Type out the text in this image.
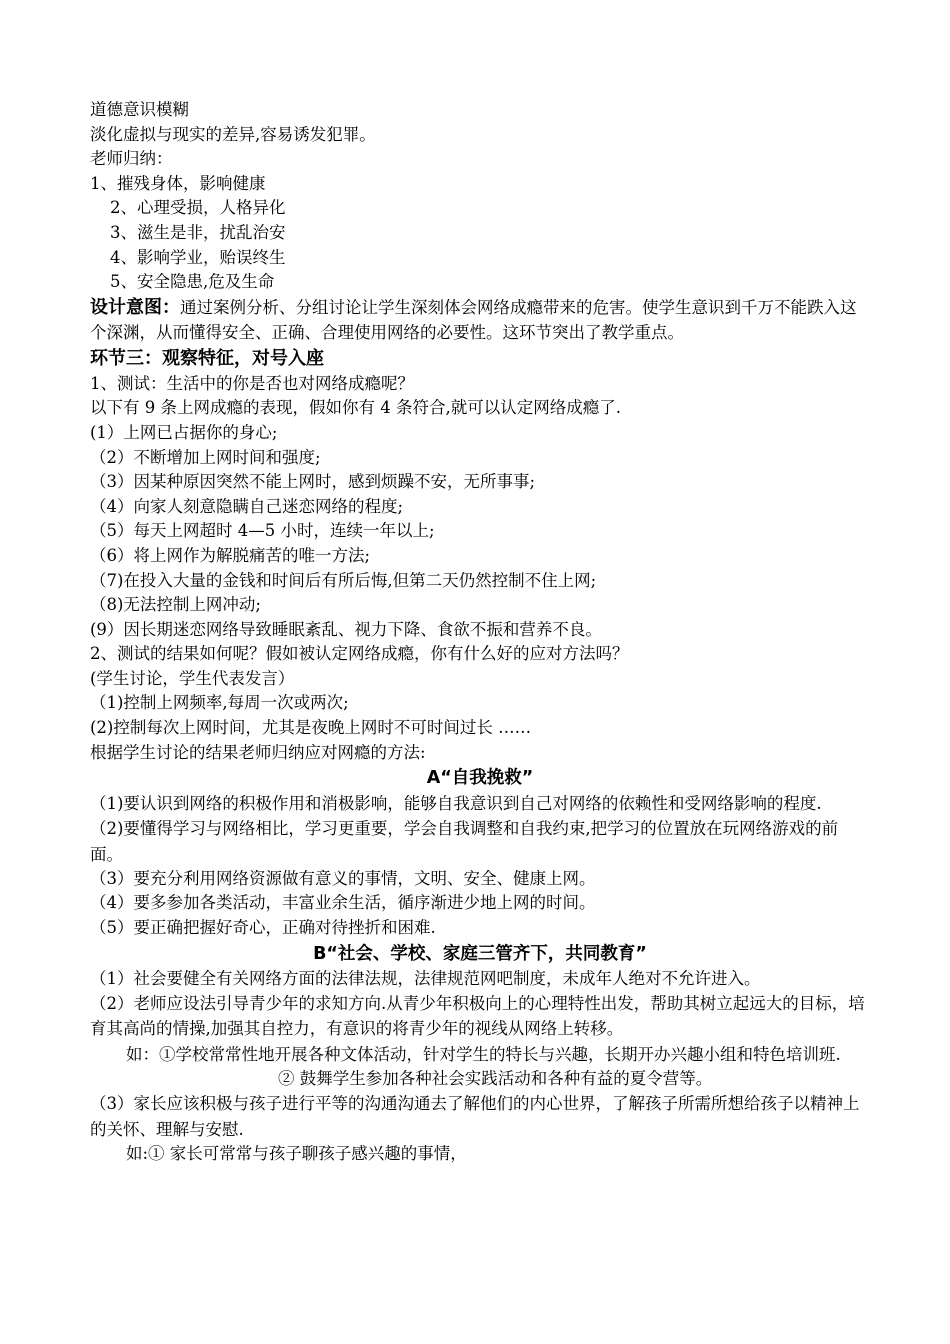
道德意识模糊
淡化虚拟与现实的差异,容易诱发犯罪。
老师归纳：
1、摧残身体，影响健康
2、心理受损，人格异化
3、滋生是非，扰乱治安
4、影响学业，贻误终生
5、安全隐患,危及生命
设计意图：通过案例分析、分组讨论让学生深刻体会网络成瘾带来的危害。使学生意识到千万不能跌入这个深渊，从而懂得安全、正确、合理使用网络的必要性。这环节突出了教学重点。
环节三：观察特征，对号入座
1、测试：生活中的你是否也对网络成瘾呢？
以下有 9 条上网成瘾的表现，假如你有 4 条符合,就可以认定网络成瘾了.
(1）上网已占据你的身心;
（2）不断增加上网时间和强度;
（3）因某种原因突然不能上网时，感到烦躁不安，无所事事;
（4）向家人刻意隐瞒自己迷恋网络的程度;
（5）每天上网超时 4—5 小时，连续一年以上;
（6）将上网作为解脱痛苦的唯一方法;
（7)在投入大量的金钱和时间后有所后悔,但第二天仍然控制不住上网;
（8)无法控制上网冲动;
(9）因长期迷恋网络导致睡眠紊乱、视力下降、食欲不振和营养不良。
2、测试的结果如何呢？假如被认定网络成瘾，你有什么好的应对方法吗？
(学生讨论，学生代表发言）
（1)控制上网频率,每周一次或两次;
(2)控制每次上网时间，尤其是夜晚上网时不可时间过长 ……
根据学生讨论的结果老师归纳应对网瘾的方法:
A“自我挽救”
（1)要认识到网络的积极作用和消极影响，能够自我意识到自己对网络的依赖性和受网络影响的程度.
（2)要懂得学习与网络相比，学习更重要，学会自我调整和自我约束,把学习的位置放在玩网络游戏的前面。
（3）要充分利用网络资源做有意义的事情，文明、安全、健康上网。
（4）要多参加各类活动，丰富业余生活，循序渐进少地上网的时间。
（5）要正确把握好奇心，正确对待挫折和困难.
B“社会、学校、家庭三管齐下，共同教育”
（1）社会要健全有关网络方面的法律法规，法律规范网吧制度，未成年人绝对不允许进入。
（2）老师应设法引导青少年的求知方向.从青少年积极向上的心理特性出发，帮助其树立起远大的目标，培育其高尚的情操,加强其自控力，有意识的将青少年的视线从网络上转移。
如：①学校常常性地开展各种文体活动，针对学生的特长与兴趣，长期开办兴趣小组和特色培训班.
② 鼓舞学生参加各种社会实践活动和各种有益的夏令营等。
（3）家长应该积极与孩子进行平等的沟通沟通去了解他们的内心世界，了解孩子所需所想给孩子以精神上的关怀、理解与安慰.
如:① 家长可常常与孩子聊孩子感兴趣的事情，
